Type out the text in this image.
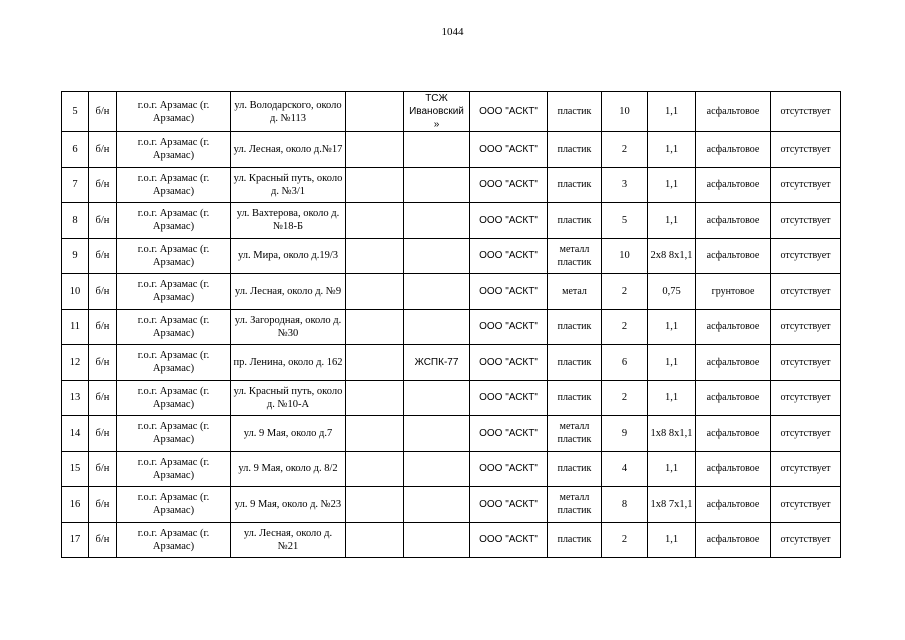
1044
5	б/н	г.о.г. Арзамас (г. Арзамас)	ул. Володарского, около д. №113		ТСЖ Ивановский »	ООО "АСКТ"	пластик	10	1,1	асфальтовое	отсутствует
6	б/н	г.о.г. Арзамас (г. Арзамас)	ул. Лесная, около д.№17			ООО "АСКТ"	пластик	2	1,1	асфальтовое	отсутствует
7	б/н	г.о.г. Арзамас (г. Арзамас)	ул. Красный путь, около д. №3/1			ООО "АСКТ"	пластик	3	1,1	асфальтовое	отсутствует
8	б/н	г.о.г. Арзамас (г. Арзамас)	ул. Вахтерова, около д. №18-Б			ООО "АСКТ"	пластик	5	1,1	асфальтовое	отсутствует
9	б/н	г.о.г. Арзамас (г. Арзамас)	ул. Мира, около д.19/3			ООО "АСКТ"	металл пластик	10	2x8 8x1,1	асфальтовое	отсутствует
10	б/н	г.о.г. Арзамас (г. Арзамас)	ул. Лесная, около д. №9			ООО "АСКТ"	метал	2	0,75	грунтовое	отсутствует
11	б/н	г.о.г. Арзамас (г. Арзамас)	ул. Загородная, около д. №30			ООО "АСКТ"	пластик	2	1,1	асфальтовое	отсутствует
12	б/н	г.о.г. Арзамас (г. Арзамас)	пр. Ленина, около д. 162		ЖСПК-77	ООО "АСКТ"	пластик	6	1,1	асфальтовое	отсутствует
13	б/н	г.о.г. Арзамас (г. Арзамас)	ул. Красный путь, около д. №10-А			ООО "АСКТ"	пластик	2	1,1	асфальтовое	отсутствует
14	б/н	г.о.г. Арзамас (г. Арзамас)	ул. 9 Мая, около д.7			ООО "АСКТ"	металл пластик	9	1x8 8x1,1	асфальтовое	отсутствует
15	б/н	г.о.г. Арзамас (г. Арзамас)	ул. 9 Мая, около д. 8/2			ООО "АСКТ"	пластик	4	1,1	асфальтовое	отсутствует
16	б/н	г.о.г. Арзамас (г. Арзамас)	ул. 9 Мая, около д. №23			ООО "АСКТ"	металл пластик	8	1x8 7x1,1	асфальтовое	отсутствует
17	б/н	г.о.г. Арзамас (г. Арзамас)	ул. Лесная, около д. №21			ООО "АСКТ"	пластик	2	1,1	асфальтовое	отсутствует
